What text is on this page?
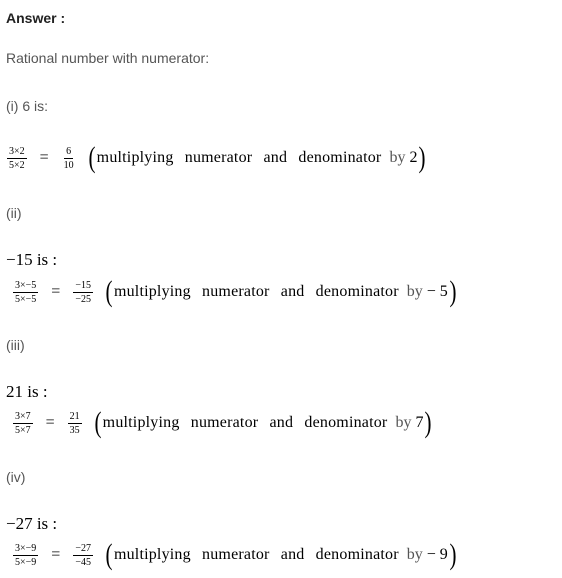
Answer :
Rational number with numerator:
(i) 6 is:
$\frac{3\times 2}{5\times 2} = \frac{6}{10}$ ( multiplying numerator and denominator by 2 )
(ii)
−15 is :
$\frac{3\times-5}{5\times-5} = \frac{-15}{-25}$ ( multiplying numerator and denominator by − 5 )
(iii)
21 is :
$\frac{3\times 7}{5\times 7} = \frac{21}{35}$ ( multiplying numerator and denominator by 7 )
(iv)
−27 is :
$\frac{3\times-9}{5\times-9} = \frac{-27}{-45}$ ( multiplying numerator and denominator by − 9 )
